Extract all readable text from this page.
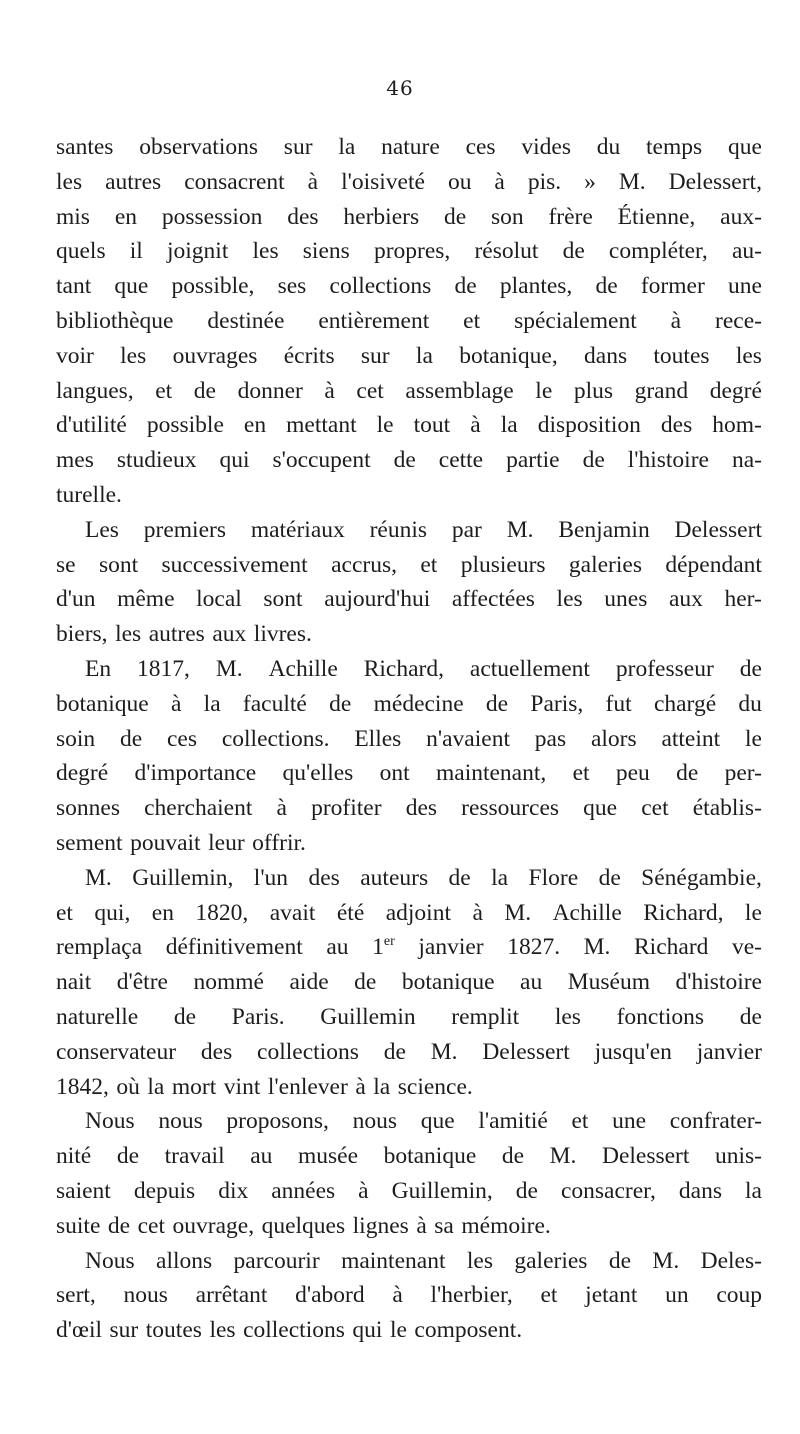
46
santes observations sur la nature ces vides du temps que
les autres consacrent à l'oisiveté ou à pis. » M. Delessert,
mis en possession des herbiers de son frère Étienne, aux-
quels il joignit les siens propres, résolut de compléter, au-
tant que possible, ses collections de plantes, de former une
bibliothèque destinée entièrement et spécialement à rece-
voir les ouvrages écrits sur la botanique, dans toutes les
langues, et de donner à cet assemblage le plus grand degré
d'utilité possible en mettant le tout à la disposition des hom-
mes studieux qui s'occupent de cette partie de l'histoire na-
turelle.
Les premiers matériaux réunis par M. Benjamin Delessert
se sont successivement accrus, et plusieurs galeries dépendant
d'un même local sont aujourd'hui affectées les unes aux her-
biers, les autres aux livres.
En 1817, M. Achille Richard, actuellement professeur de
botanique à la faculté de médecine de Paris, fut chargé du
soin de ces collections. Elles n'avaient pas alors atteint le
degré d'importance qu'elles ont maintenant, et peu de per-
sonnes cherchaient à profiter des ressources que cet établis-
sement pouvait leur offrir.
M. Guillemin, l'un des auteurs de la Flore de Sénégambie,
et qui, en 1820, avait été adjoint à M. Achille Richard, le
remplaça définitivement au 1er janvier 1827. M. Richard ve-
nait d'être nommé aide de botanique au Muséum d'histoire
naturelle de Paris. Guillemin remplit les fonctions de
conservateur des collections de M. Delessert jusqu'en janvier
1842, où la mort vint l'enlever à la science.
Nous nous proposons, nous que l'amitié et une confrater-
nité de travail au musée botanique de M. Delessert unis-
saient depuis dix années à Guillemin, de consacrer, dans la
suite de cet ouvrage, quelques lignes à sa mémoire.
Nous allons parcourir maintenant les galeries de M. Deles-
sert, nous arrêtant d'abord à l'herbier, et jetant un coup
d'œil sur toutes les collections qui le composent.
